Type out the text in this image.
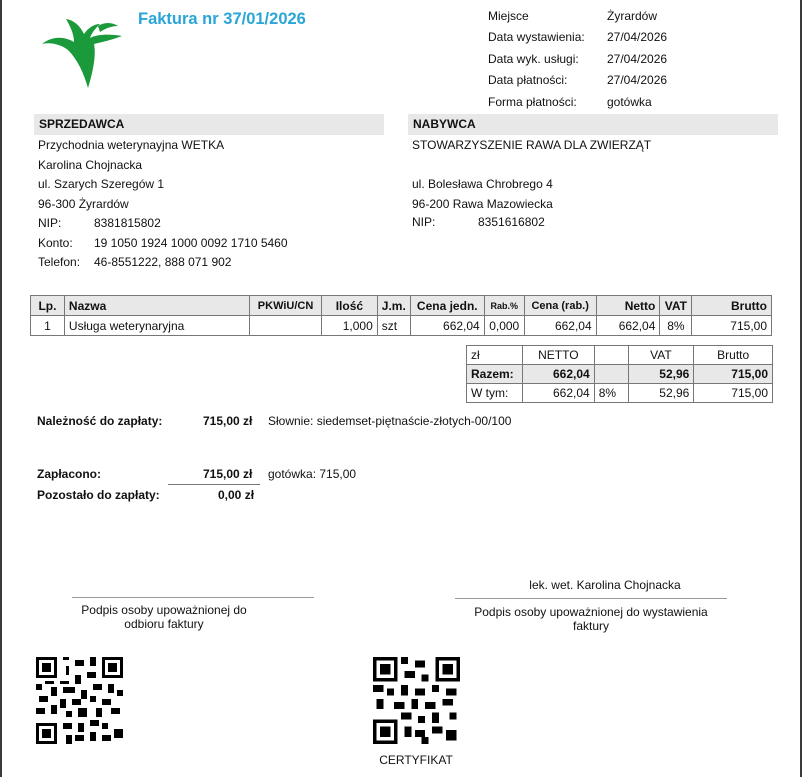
Faktura nr 37/01/2026	Miejsce	Żyrardów
Data wystawienia: 27/04/2026
Data wyk. usługi: 27/04/2026
Data płatności:	27/04/2026
Forma płatności:	gotówka
SPRZEDAWCA
Przychodnia weterynayjna WETKA
Karolina Chojnacka
ul. Szarych Szeregów 1
96-300 Żyrardów
NIP:	8381815802
Konto: 19 1050 1924 1000 0092 1710 5460
Telefon: 46-8551222, 888 071 902
NABYWCA
STOWARZYSZENIE RAWA DLA ZWIERZĄT
ul. Bolesława Chrobrego 4
96-200 Rawa Mazowiecka
NIP:	8351616802
Lp.	Nazwa	PKWiU/CN	Ilość	J.m.	Cena jedn.	Rab.%	Cena (rab.)	Netto	VAT	Brutto
1	Usługa weterynaryjna		1,000	szt	662,04	0,000	662,04	662,04	8%	715,00
zł	NETTO		VAT	Brutto
Razem:	662,04		52,96	715,00
W tym:	662,04	8%	52,96	715,00
Należność do zapłaty:	715,00 zł Słownie: siedemset-piętnaście-złotych-00/100
Zapłacono:	715,00 zł gotówka: 715,00
Pozostało do zapłaty:	0,00 zł
Podpis osoby upoważnionej do odbioru faktury
lek. wet. Karolina Chojnacka
Podpis osoby upoważnionej do wystawienia faktury
CERTYFIKAT
